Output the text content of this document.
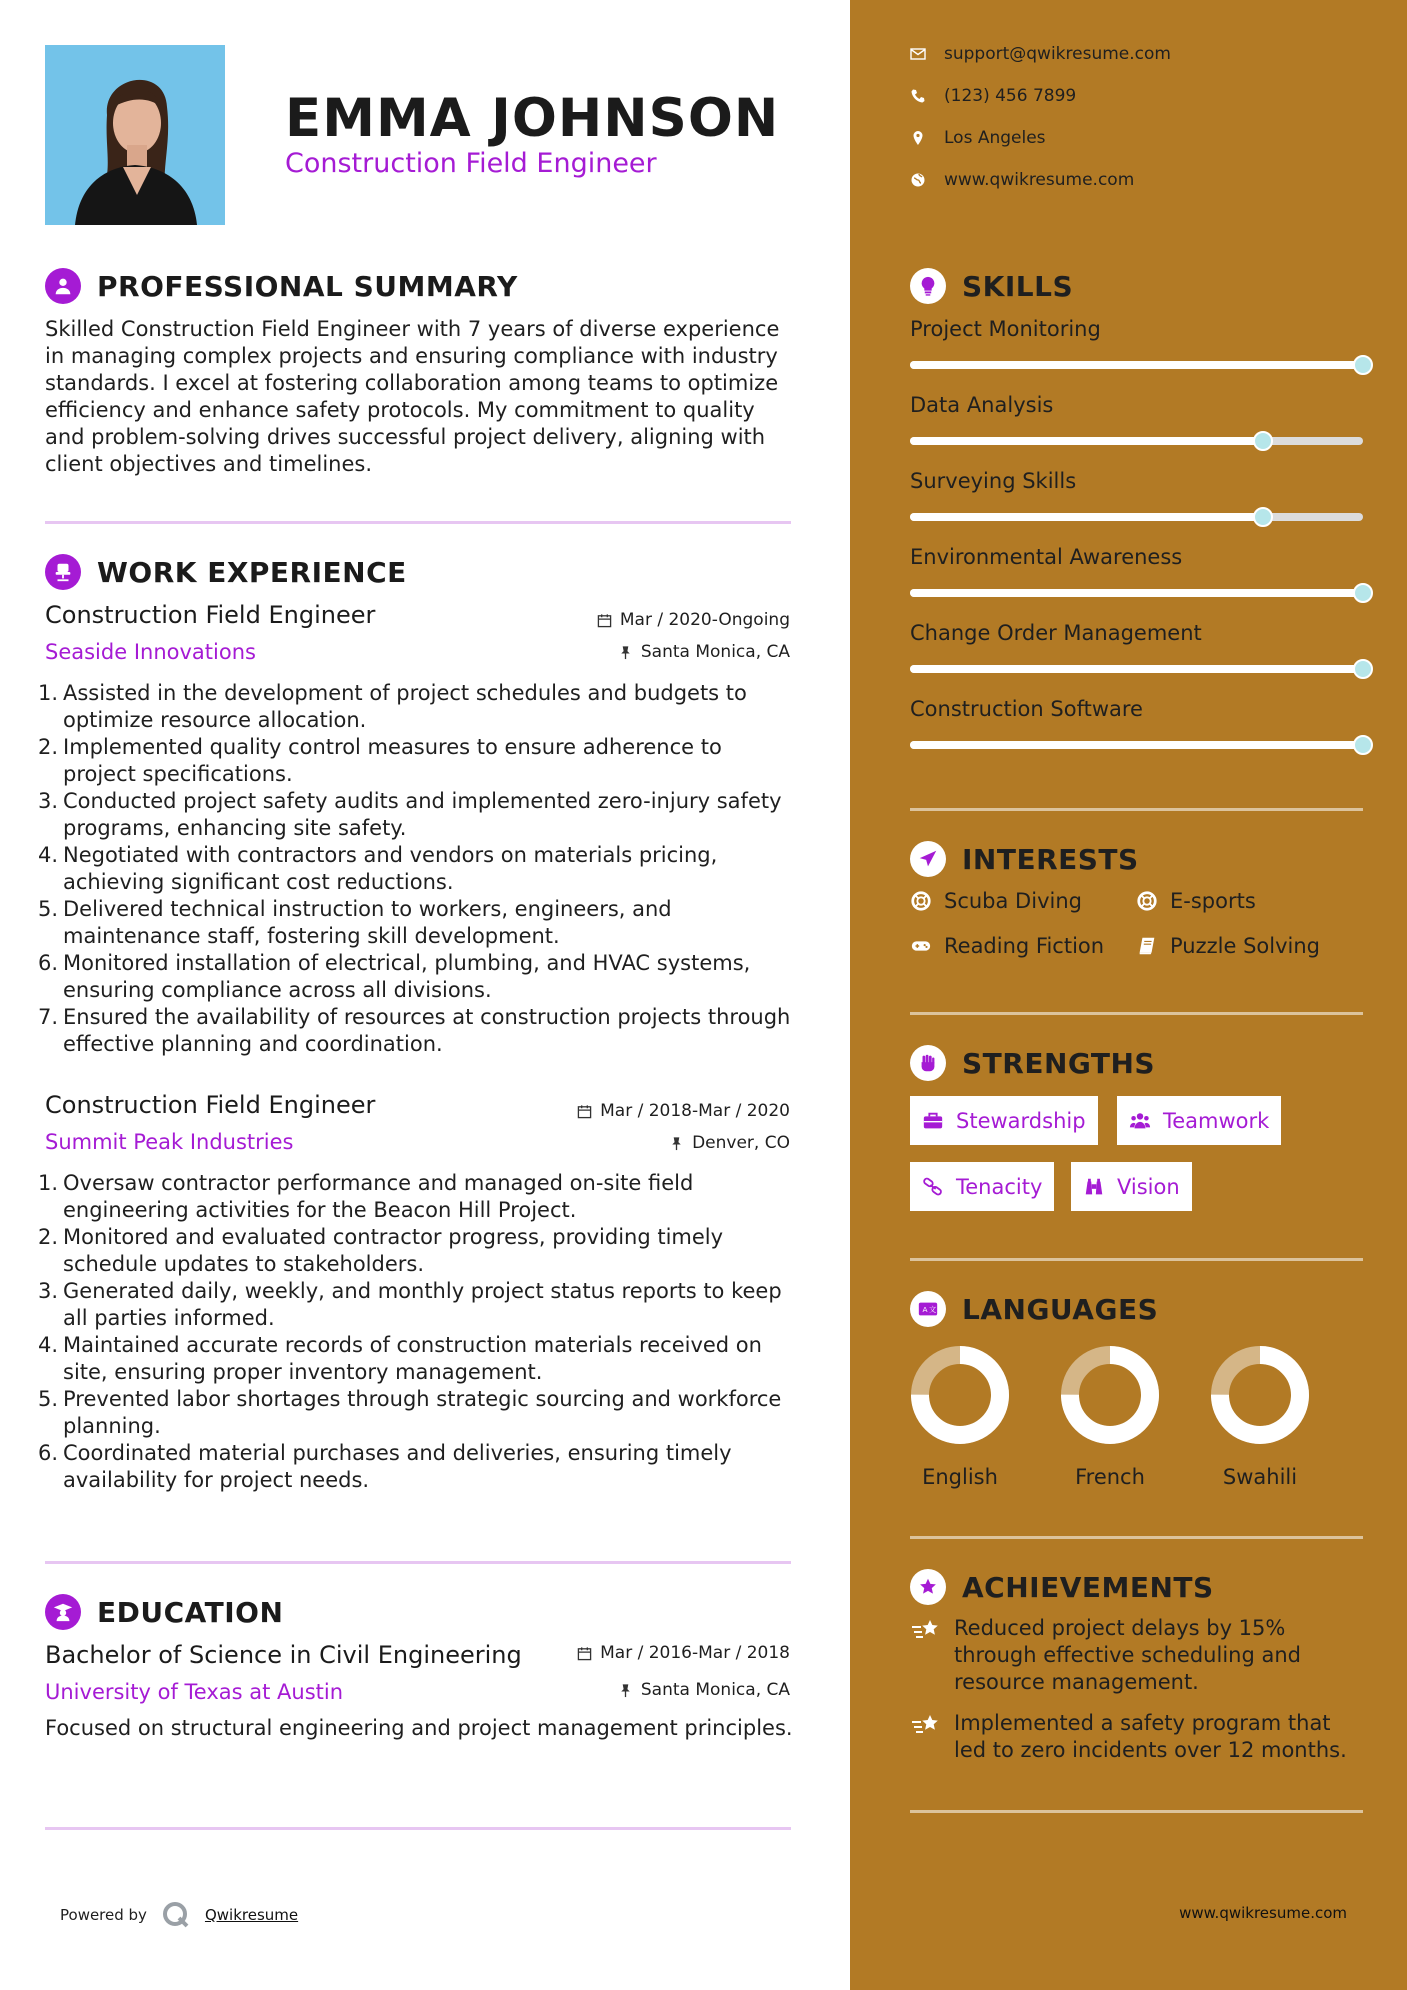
EMMA JOHNSON
Construction Field Engineer
PROFESSIONAL SUMMARY
Skilled Construction Field Engineer with 7 years of diverse experience in managing complex projects and ensuring compliance with industry standards. I excel at fostering collaboration among teams to optimize efficiency and enhance safety protocols. My commitment to quality and problem-solving drives successful project delivery, aligning with client objectives and timelines.
WORK EXPERIENCE
Construction Field Engineer
Seaside Innovations
Mar / 2020-Ongoing
Santa Monica, CA
1. Assisted in the development of project schedules and budgets to optimize resource allocation.
2. Implemented quality control measures to ensure adherence to project specifications.
3. Conducted project safety audits and implemented zero-injury safety programs, enhancing site safety.
4. Negotiated with contractors and vendors on materials pricing, achieving significant cost reductions.
5. Delivered technical instruction to workers, engineers, and maintenance staff, fostering skill development.
6. Monitored installation of electrical, plumbing, and HVAC systems, ensuring compliance across all divisions.
7. Ensured the availability of resources at construction projects through effective planning and coordination.
Construction Field Engineer
Summit Peak Industries
Mar / 2018-Mar / 2020
Denver, CO
1. Oversaw contractor performance and managed on-site field engineering activities for the Beacon Hill Project.
2. Monitored and evaluated contractor progress, providing timely schedule updates to stakeholders.
3. Generated daily, weekly, and monthly project status reports to keep all parties informed.
4. Maintained accurate records of construction materials received on site, ensuring proper inventory management.
5. Prevented labor shortages through strategic sourcing and workforce planning.
6. Coordinated material purchases and deliveries, ensuring timely availability for project needs.
EDUCATION
Bachelor of Science in Civil Engineering
University of Texas at Austin
Mar / 2016-Mar / 2018
Santa Monica, CA
Focused on structural engineering and project management principles.
Powered by	Qwikresume
support@qwikresume.com
(123) 456 7899
Los Angeles
www.qwikresume.com
SKILLS
Project Monitoring
Data Analysis
Surveying Skills
Environmental Awareness
Change Order Management
Construction Software
INTERESTS
Scuba Diving	E-sports
Reading Fiction	Puzzle Solving
STRENGTHS
Stewardship	Teamwork
Tenacity	Vision
A 文 LANGUAGES
English	French	Swahili
ACHIEVEMENTS
Reduced project delays by 15% through effective scheduling and resource management.
Implemented a safety program that led to zero incidents over 12 months.
www.qwikresume.com
